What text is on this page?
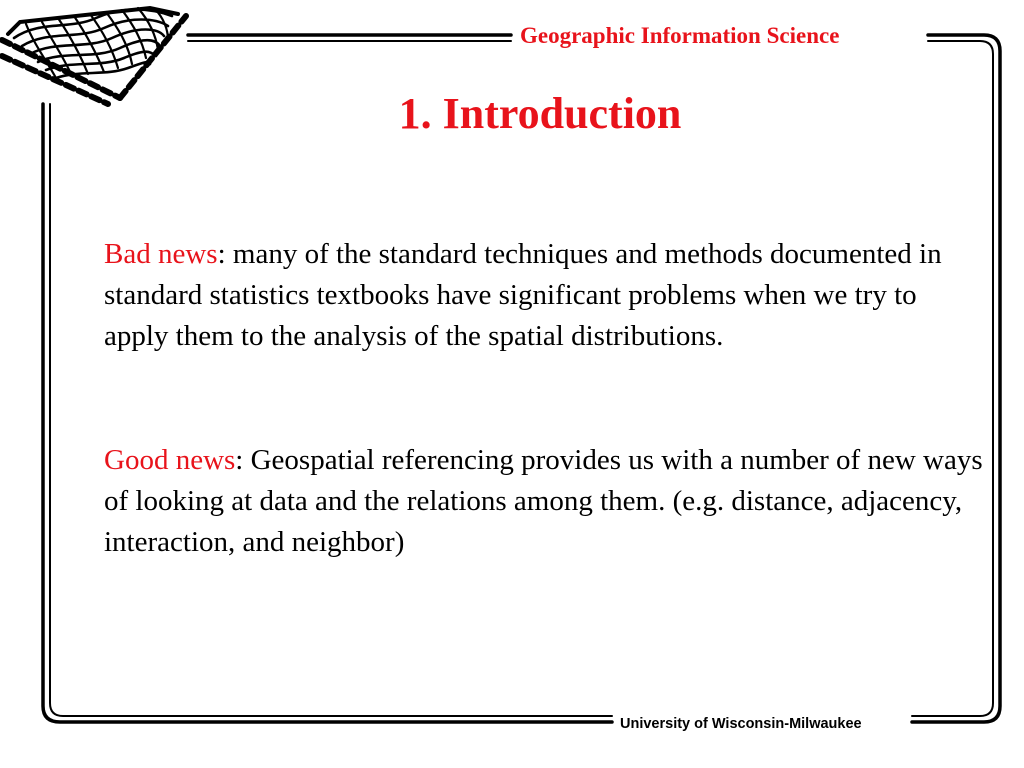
Geographic Information Science
1. Introduction
Bad news: many of the standard techniques and methods documented in standard statistics textbooks have significant problems when we try to apply them to the analysis of the spatial distributions.
Good news: Geospatial referencing provides us with a number of new ways of looking at data and the relations among them. (e.g. distance, adjacency, interaction, and neighbor)
University of Wisconsin-Milwaukee
